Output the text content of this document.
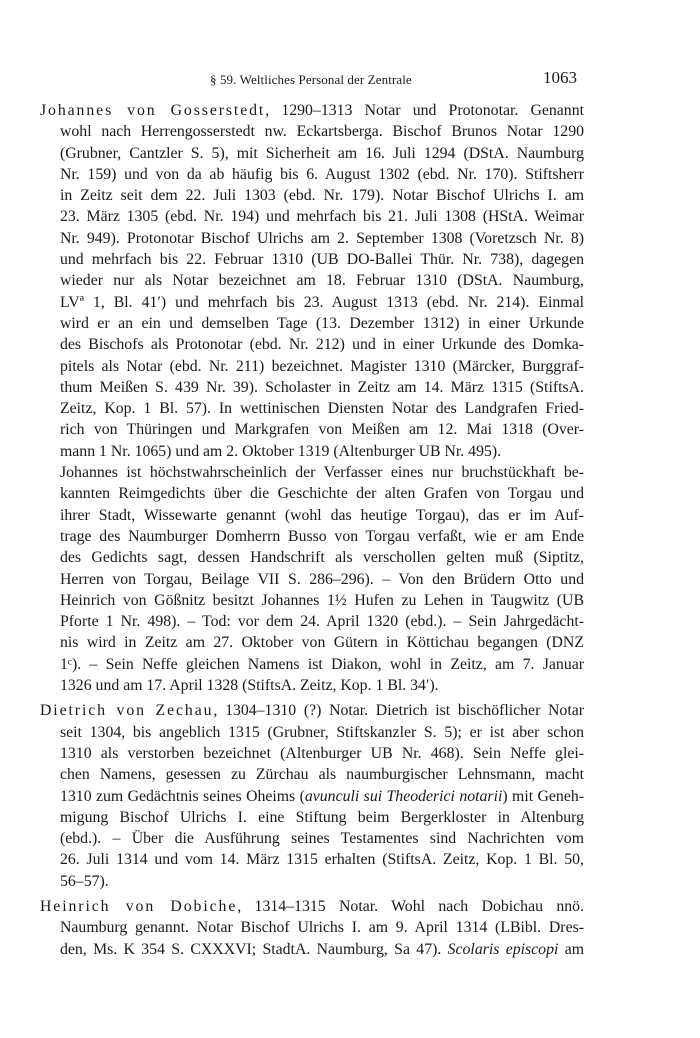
§ 59. Weltliches Personal der Zentrale	1063
Johannes von Gosserstedt, 1290–1313 Notar und Protonotar. Genannt
wohl nach Herrengosserstedt nw. Eckartsberga. Bischof Brunos Notar 1290
(Grubner, Cantzler S. 5), mit Sicherheit am 16. Juli 1294 (DStA. Naumburg
Nr. 159) und von da ab häufig bis 6. August 1302 (ebd. Nr. 170). Stiftsherr
in Zeitz seit dem 22. Juli 1303 (ebd. Nr. 179). Notar Bischof Ulrichs I. am
23. März 1305 (ebd. Nr. 194) und mehrfach bis 21. Juli 1308 (HStA. Weimar
Nr. 949). Protonotar Bischof Ulrichs am 2. September 1308 (Voretzsch Nr. 8)
und mehrfach bis 22. Februar 1310 (UB DO-Ballei Thür. Nr. 738), dagegen
wieder nur als Notar bezeichnet am 18. Februar 1310 (DStA. Naumburg,
LVª 1, Bl. 41′) und mehrfach bis 23. August 1313 (ebd. Nr. 214). Einmal
wird er an ein und demselben Tage (13. Dezember 1312) in einer Urkunde
des Bischofs als Protonotar (ebd. Nr. 212) und in einer Urkunde des Domka-
pitels als Notar (ebd. Nr. 211) bezeichnet. Magister 1310 (Märcker, Burggraf-
thum Meißen S. 439 Nr. 39). Scholaster in Zeitz am 14. März 1315 (StiftsA.
Zeitz, Kop. 1 Bl. 57). In wettinischen Diensten Notar des Landgrafen Fried-
rich von Thüringen und Markgrafen von Meißen am 12. Mai 1318 (Over-
mann 1 Nr. 1065) und am 2. Oktober 1319 (Altenburger UB Nr. 495).
Johannes ist höchstwahrscheinlich der Verfasser eines nur bruchstückhaft be-
kannten Reimgedichts über die Geschichte der alten Grafen von Torgau und
ihrer Stadt, Wissewarte genannt (wohl das heutige Torgau), das er im Auf-
trage des Naumburger Domherrn Busso von Torgau verfaßt, wie er am Ende
des Gedichts sagt, dessen Handschrift als verschollen gelten muß (Siptitz,
Herren von Torgau, Beilage VII S. 286–296). – Von den Brüdern Otto und
Heinrich von Gößnitz besitzt Johannes 1½ Hufen zu Lehen in Taugwitz (UB
Pforte 1 Nr. 498). – Tod: vor dem 24. April 1320 (ebd.). – Sein Jahrgedächt-
nis wird in Zeitz am 27. Oktober von Gütern in Köttichau begangen (DNZ
1ᶜ). – Sein Neffe gleichen Namens ist Diakon, wohl in Zeitz, am 7. Januar
1326 und am 17. April 1328 (StiftsA. Zeitz, Kop. 1 Bl. 34′).
Dietrich von Zechau, 1304–1310 (?) Notar. Dietrich ist bischöflicher Notar
seit 1304, bis angeblich 1315 (Grubner, Stiftskanzler S. 5); er ist aber schon
1310 als verstorben bezeichnet (Altenburger UB Nr. 468). Sein Neffe glei-
chen Namens, gesessen zu Zürchau als naumburgischer Lehnsmann, macht
1310 zum Gedächtnis seines Oheims (avunculi sui Theoderici notarii) mit Geneh-
migung Bischof Ulrichs I. eine Stiftung beim Bergerkloster in Altenburg
(ebd.). – Über die Ausführung seines Testamentes sind Nachrichten vom
26. Juli 1314 und vom 14. März 1315 erhalten (StiftsA. Zeitz, Kop. 1 Bl. 50,
56–57).
Heinrich von Dobiche, 1314–1315 Notar. Wohl nach Dobichau nnö.
Naumburg genannt. Notar Bischof Ulrichs I. am 9. April 1314 (LBibl. Dres-
den, Ms. K 354 S. CXXXVI; StadtA. Naumburg, Sa 47). Scolaris episcopi am
